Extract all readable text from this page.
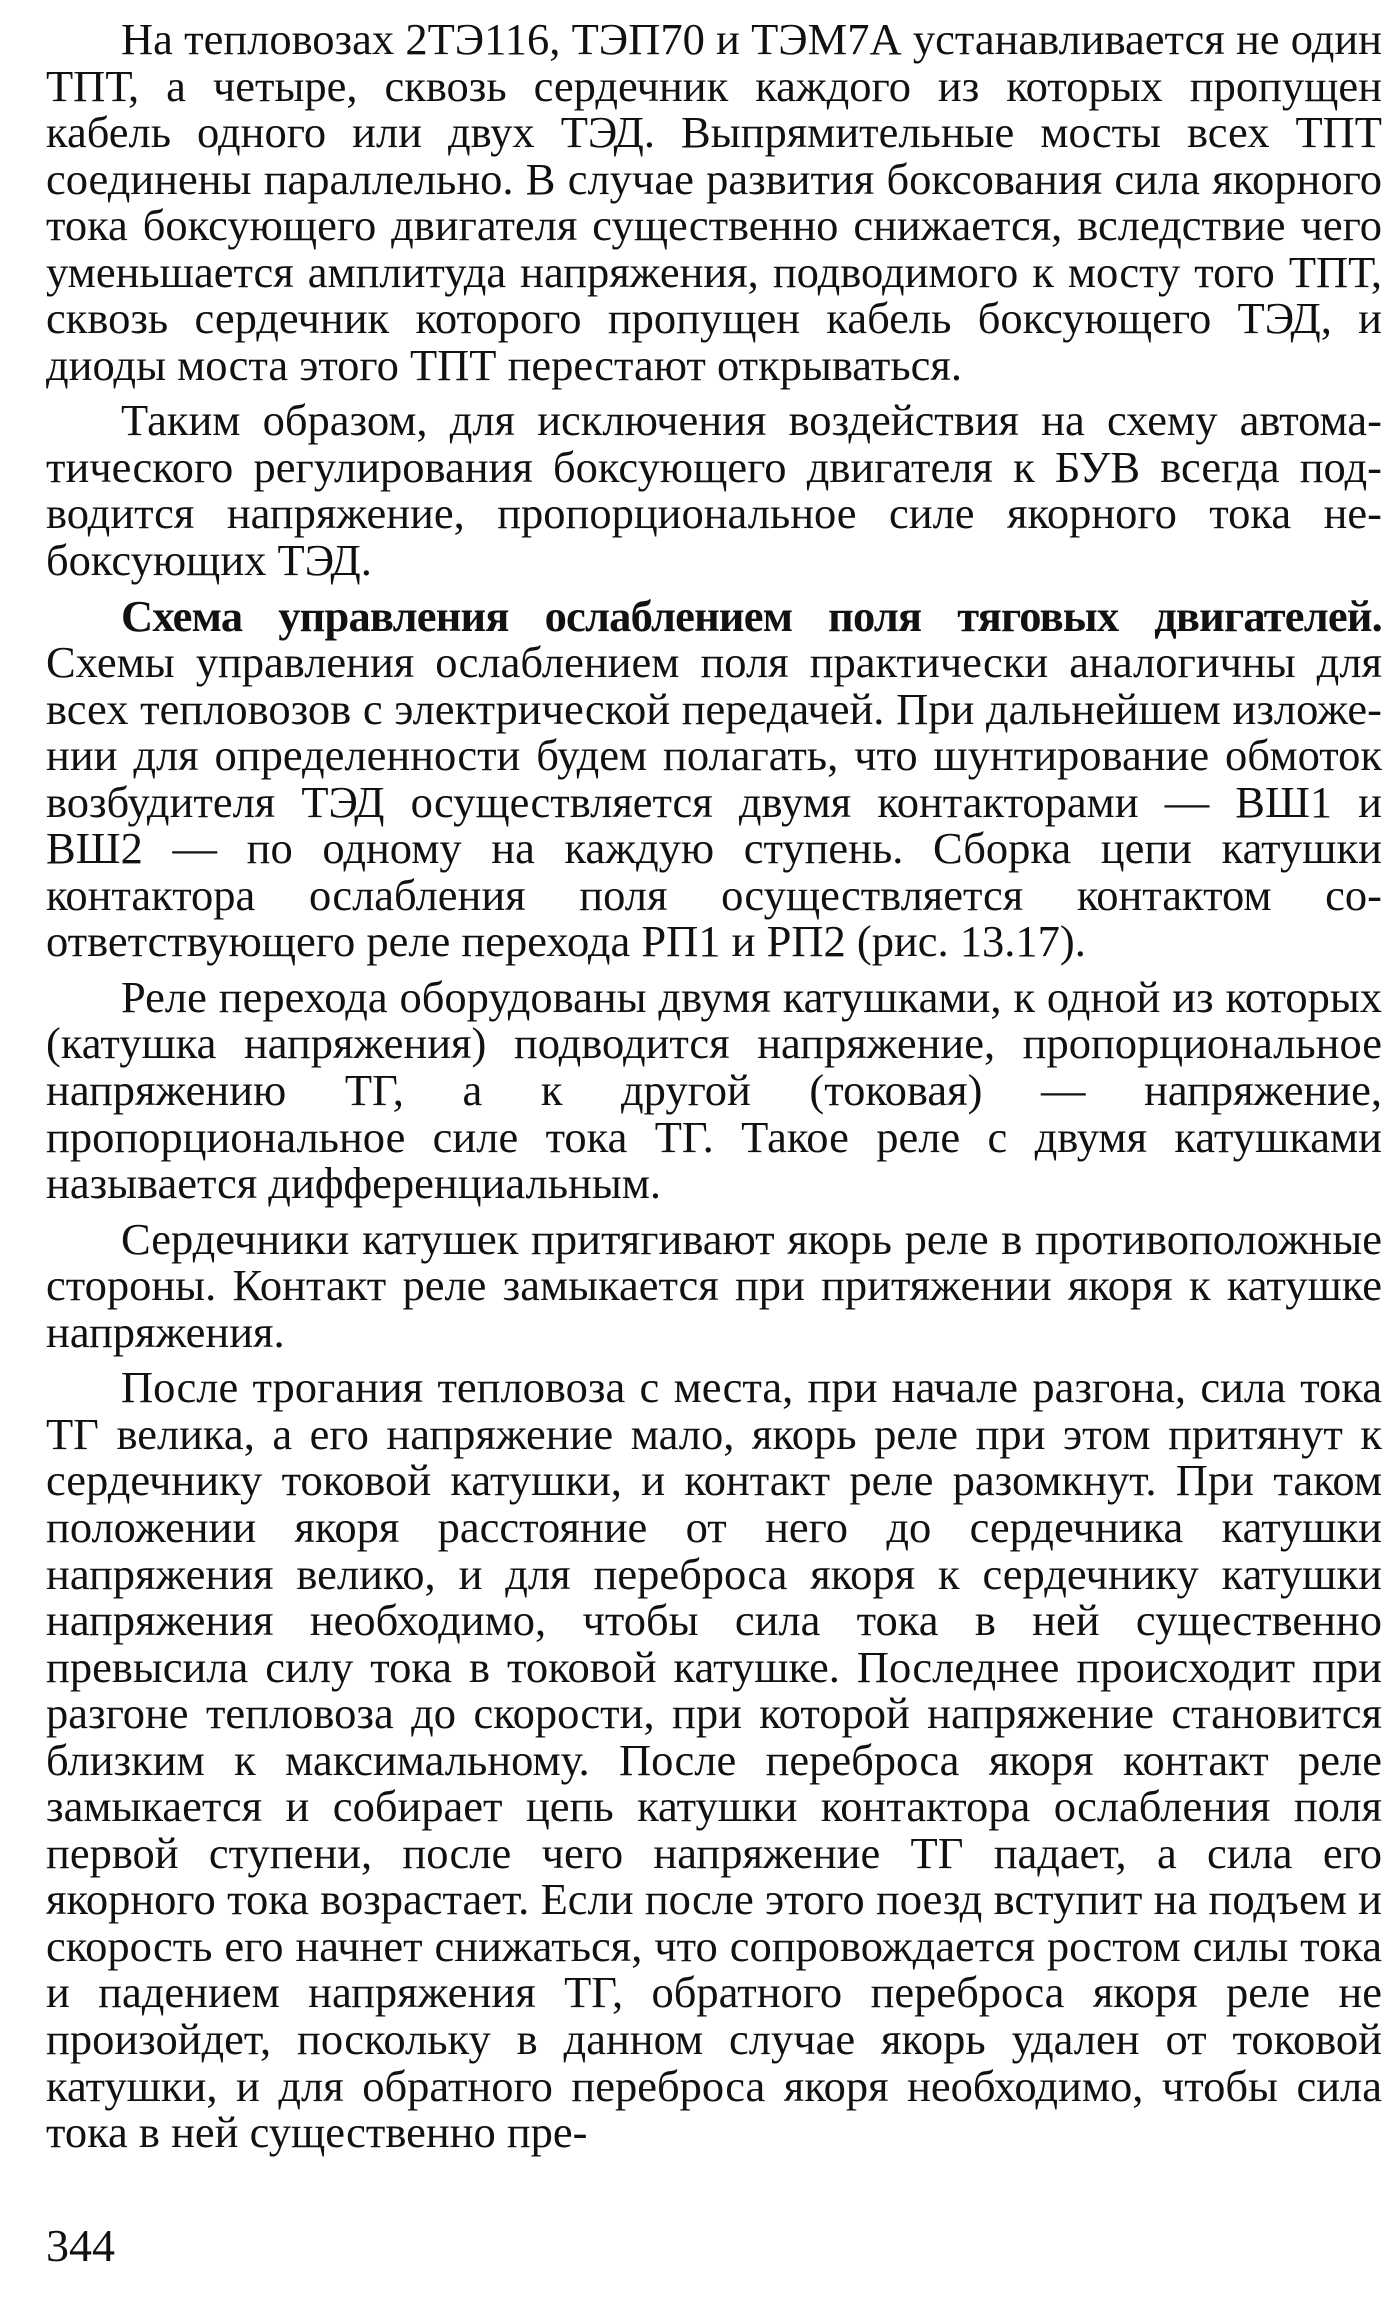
На тепловозах 2ТЭ116, ТЭП70 и ТЭМ7А устанавливается не один ТПТ, а четыре, сквозь сердечник каждого из которых пропущен кабель одного или двух ТЭД. Выпрямительные мосты всех ТПТ соединены параллельно. В случае развития боксования сила якорного тока боксующего двигателя существенно снижается, вследствие чего уменьшается амплитуда напряжения, подводимого к мосту того ТПТ, сквозь сердечник которого пропущен кабель боксующего ТЭД, и диоды моста этого ТПТ перестают открываться.

Таким образом, для исключения воздействия на схему автоматического регулирования боксующего двигателя к БУВ всегда подводится напряжение, пропорциональное силе якорного тока небоксующих ТЭД.

Схема управления ослаблением поля тяговых двигателей. Схемы управления ослаблением поля практически аналогичны для всех тепловозов с электрической передачей. При дальнейшем изложении для определенности будем полагать, что шунтирование обмоток возбудителя ТЭД осуществляется двумя контакторами — ВШ1 и ВШ2 — по одному на каждую ступень. Сборка цепи катушки контактора ослабления поля осуществляется контактом соответствующего реле перехода РП1 и РП2 (рис. 13.17).

Реле перехода оборудованы двумя катушками, к одной из которых (катушка напряжения) подводится напряжение, пропорциональное напряжению ТГ, а к другой (токовая) — напряжение, пропорциональное силе тока ТГ. Такое реле с двумя катушками называется дифференциальным.

Сердечники катушек притягивают якорь реле в противоположные стороны. Контакт реле замыкается при притяжении якоря к катушке напряжения.

После трогания тепловоза с места, при начале разгона, сила тока ТГ велика, а его напряжение мало, якорь реле при этом притянут к сердечнику токовой катушки, и контакт реле разомкнут. При таком положении якоря расстояние от него до сердечника катушки напряжения велико, и для переброса якоря к сердечнику катушки напряжения необходимо, чтобы сила тока в ней существенно превысила силу тока в токовой катушке. Последнее происходит при разгоне тепловоза до скорости, при которой напряжение становится близким к максимальному. После переброса якоря контакт реле замыкается и собирает цепь катушки контактора ослабления поля первой ступени, после чего напряжение ТГ падает, а сила его якорного тока возрастает. Если после этого поезд вступит на подъем и скорость его начнет снижаться, что сопровождается ростом силы тока и падением напряжения ТГ, обратного переброса якоря реле не произойдет, поскольку в данном случае якорь удален от токовой катушки, и для обратного переброса якоря необходимо, чтобы сила тока в ней существенно пре-

344
